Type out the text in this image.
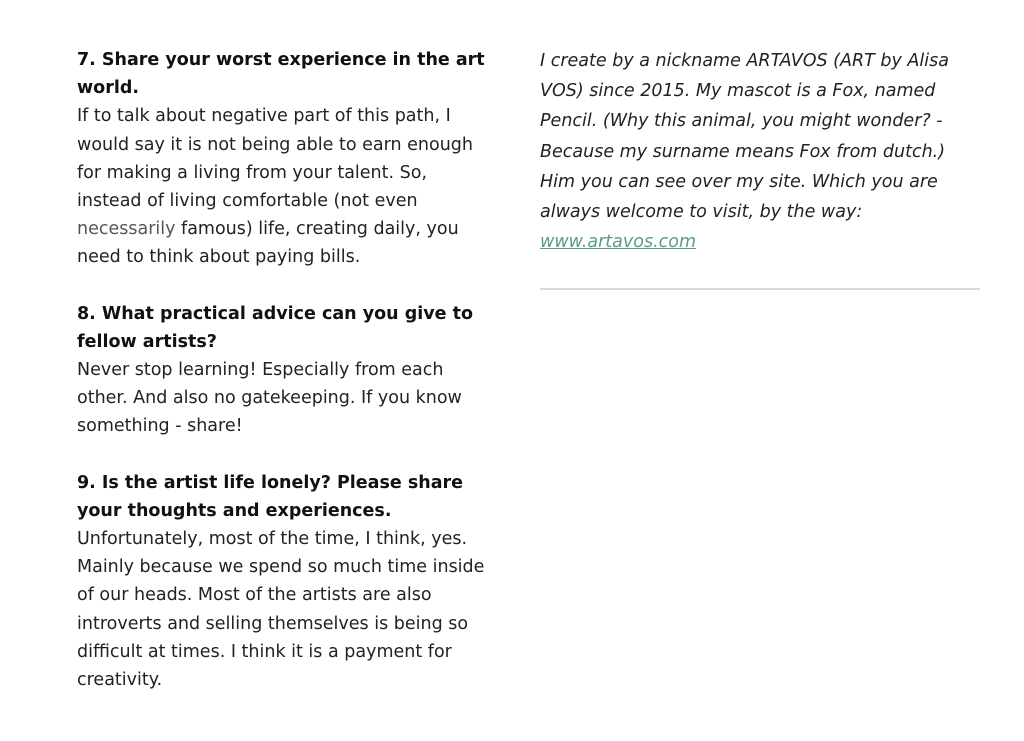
7. Share your worst experience in the art world.

If to talk about negative part of this path, I would say it is not being able to earn enough for making a living from your talent. So, instead of living comfortable (not even necessarily famous) life, creating daily, you need to think about paying bills.

8. What practical advice can you give to fellow artists?

Never stop learning! Especially from each other. And also no gatekeeping. If you know something - share!

9. Is the artist life lonely? Please share your thoughts and experiences.

Unfortunately, most of the time, I think, yes. Mainly because we spend so much time inside of our heads. Most of the artists are also introverts and selling themselves is being so difficult at times. I think it is a payment for creativity.

I create by a nickname ARTAVOS (ART by Alisa VOS) since 2015. My mascot is a Fox, named Pencil. (Why this animal, you might wonder? - Because my surname means Fox from dutch.) Him you can see over my site. Which you are always welcome to visit, by the way:
www.artavos.com
